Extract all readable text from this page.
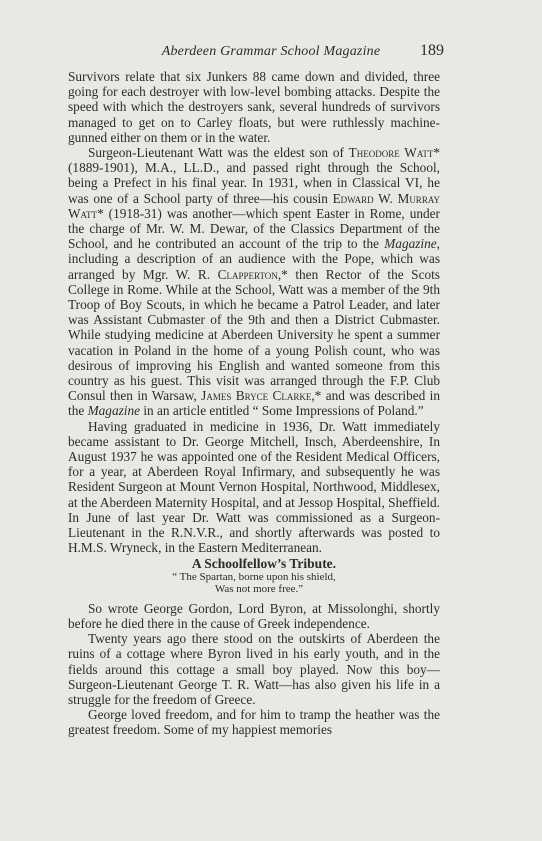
Aberdeen Grammar School Magazine	189

Survivors relate that six Junkers 88 came down and divided, three going for each destroyer with low-level bombing attacks. Despite the speed with which the destroyers sank, several hundreds of survivors managed to get on to Carley floats, but were ruthlessly machine-gunned either on them or in the water.

Surgeon-Lieutenant Watt was the eldest son of Theodore Watt* (1889-1901), M.A., LL.D., and passed right through the School, being a Prefect in his final year. In 1931, when in Classical VI, he was one of a School party of three—his cousin Edward W. Murray Watt* (1918-31) was another—which spent Easter in Rome, under the charge of Mr. W. M. Dewar, of the Classics Department of the School, and he contributed an account of the trip to the Magazine, including a description of an audience with the Pope, which was arranged by Mgr. W. R. Clapperton,* then Rector of the Scots College in Rome. While at the School, Watt was a member of the 9th Troop of Boy Scouts, in which he became a Patrol Leader, and later was Assistant Cubmaster of the 9th and then a District Cubmaster. While studying medicine at Aberdeen University he spent a summer vacation in Poland in the home of a young Polish count, who was desirous of improving his English and wanted someone from this country as his guest. This visit was arranged through the F.P. Club Consul then in Warsaw, James Bryce Clarke,* and was described in the Magazine in an article entitled “ Some Impressions of Poland.”

Having graduated in medicine in 1936, Dr. Watt immediately became assistant to Dr. George Mitchell, Insch, Aberdeenshire, In August 1937 he was appointed one of the Resident Medical Officers, for a year, at Aberdeen Royal Infirmary, and subsequently he was Resident Surgeon at Mount Vernon Hospital, Northwood, Middlesex, at the Aberdeen Maternity Hospital, and at Jessop Hospital, Sheffield. In June of last year Dr. Watt was commissioned as a Surgeon-Lieutenant in the R.N.V.R., and shortly afterwards was posted to H.M.S. Wryneck, in the Eastern Mediterranean.

A Schoolfellow’s Tribute.

“ The Spartan, borne upon his shield,
Was not more free.”

So wrote George Gordon, Lord Byron, at Missolonghi, shortly before he died there in the cause of Greek independence.

Twenty years ago there stood on the outskirts of Aberdeen the ruins of a cottage where Byron lived in his early youth, and in the fields around this cottage a small boy played. Now this boy—Surgeon-Lieutenant George T. R. Watt—has also given his life in a struggle for the freedom of Greece.

George loved freedom, and for him to tramp the heather was the greatest freedom. Some of my happiest memories
